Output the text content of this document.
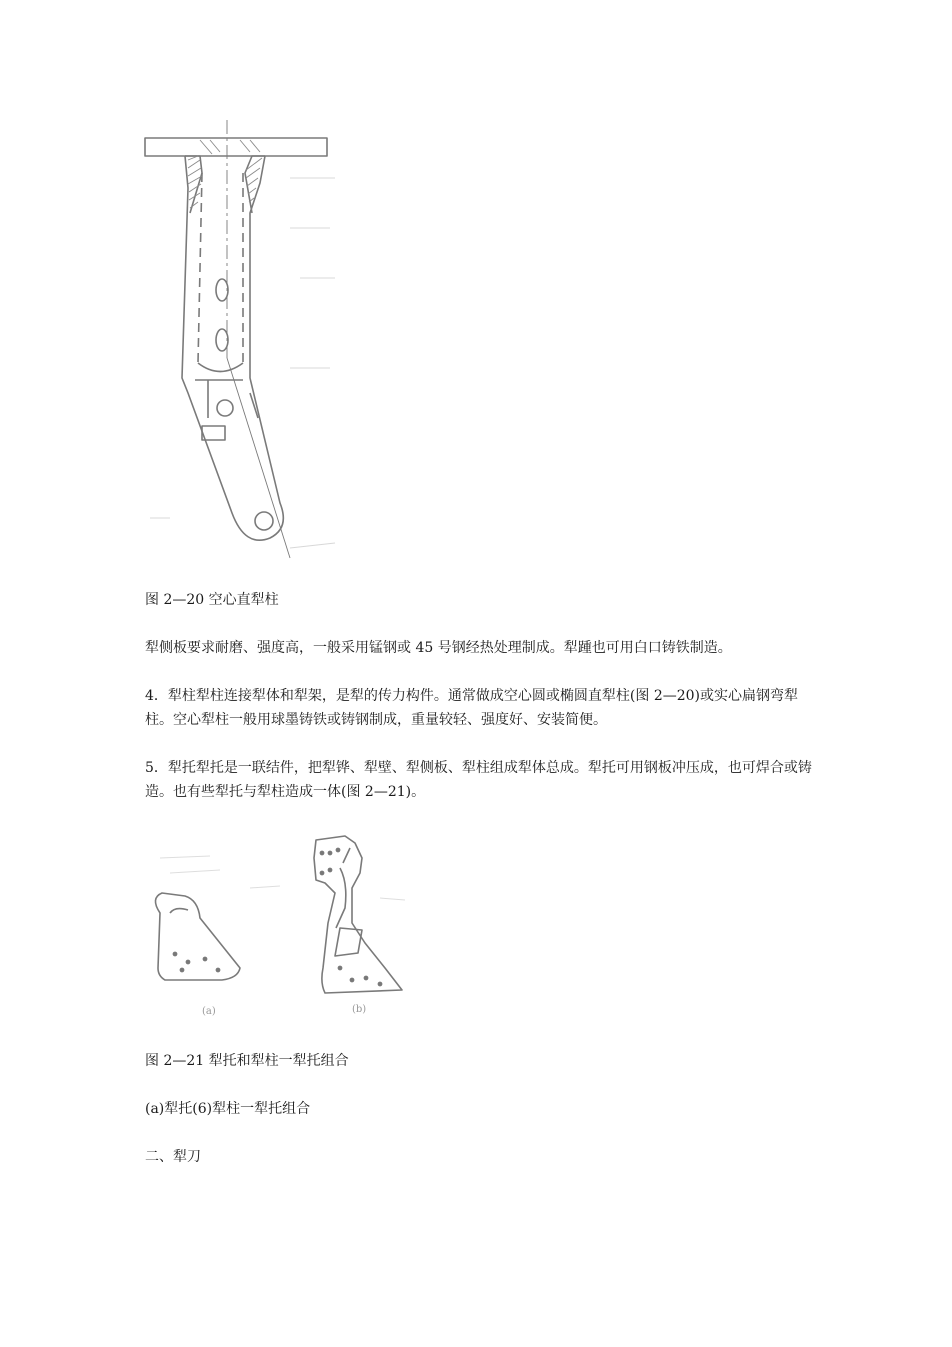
图 2—20 空心直犁柱

犁侧板要求耐磨、强度高，一般采用锰钢或 45 号钢经热处理制成。犁踵也可用白口铸铁制造。

4．犁柱犁柱连接犁体和犁架，是犁的传力构件。通常做成空心圆或椭圆直犁柱(图 2—20)或实心扁钢弯犁柱。空心犁柱一般用球墨铸铁或铸钢制成，重量较轻、强度好、安装简便。

5．犁托犁托是一联结件，把犁铧、犁壁、犁侧板、犁柱组成犁体总成。犁托可用钢板冲压成，也可焊合或铸造。也有些犁托与犁柱造成一体(图 2—21)。

(a)	(b)

图 2—21 犁托和犁柱一犁托组合

(a)犁托(6)犁柱一犁托组合

二、犁刀
